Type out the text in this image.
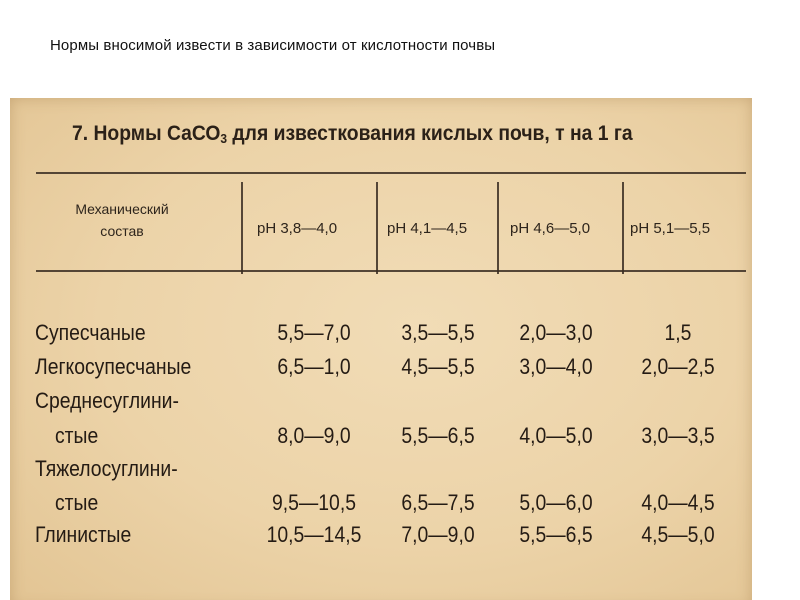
Нормы вносимой извести в зависимости от кислотности почвы
7. Нормы СаСО$_3$ для известкования кислых почв, т на 1 га
Механический
состав	pH 3,8—4,0	pH 4,1—4,5	pH 4,6—5,0	pH 5,1—5,5
Супесчаные	5,5—7,0	3,5—5,5	2,0—3,0	1,5
Легкосупесчаные	6,5—1,0	4,5—5,5	3,0—4,0	2,0—2,5
Среднесуглини-
стые	8,0—9,0	5,5—6,5	4,0—5,0	3,0—3,5
Тяжелосуглини-
стые	9,5—10,5	6,5—7,5	5,0—6,0	4,0—4,5
Глинистые	10,5—14,5	7,0—9,0	5,5—6,5	4,5—5,0
